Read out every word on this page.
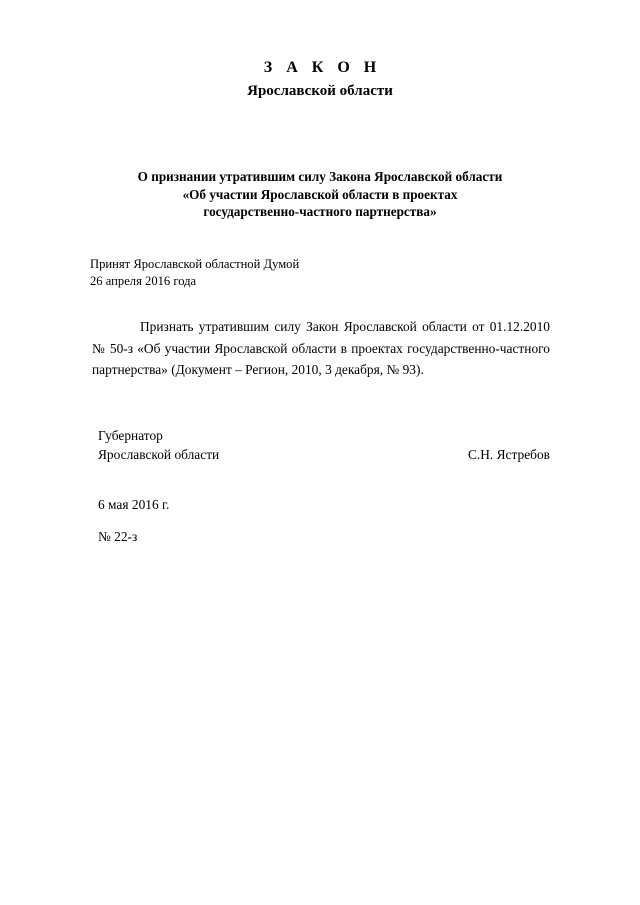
З А К О Н
Ярославской области
О признании утратившим силу Закона Ярославской области
«Об участии Ярославской области в проектах
государственно-частного партнерства»
Принят Ярославской областной Думой
26 апреля 2016 года
Признать утратившим силу Закон Ярославской области от 01.12.2010 № 50-з «Об участии Ярославской области в проектах государственно-частного партнерства» (Документ – Регион, 2010, 3 декабря, № 93).
Губернатор
Ярославской области	С.Н. Ястребов
6 мая 2016 г.
№ 22-з
